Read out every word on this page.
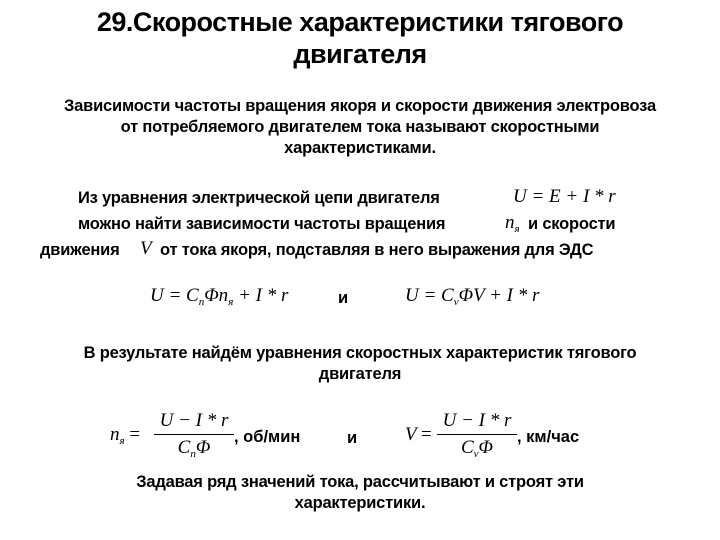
29.Скоростные характеристики тягового
двигателя
Зависимости частоты вращения якоря и скорости движения электровоза
от потребляемого двигателем тока называют скоростными
характеристиками.
Из уравнения электрической цепи двигателя	U = E + I * r
можно найти зависимости частоты вращения	$n_я$ и скорости
движения V от тока якоря, подставляя в него выражения для ЭДС
$U = C_n\Phi n_я + I * r$	и	$U = C_v\Phi V + I * r$
В результате найдём уравнения скоростных характеристик тягового
двигателя
$n_я$ =
U − I * r
$C_n\Phi$	, об/мин	и	V =
U − I * r
$C_v\Phi$	, км/час
Задавая ряд значений тока, рассчитывают и строят эти
характеристики.
